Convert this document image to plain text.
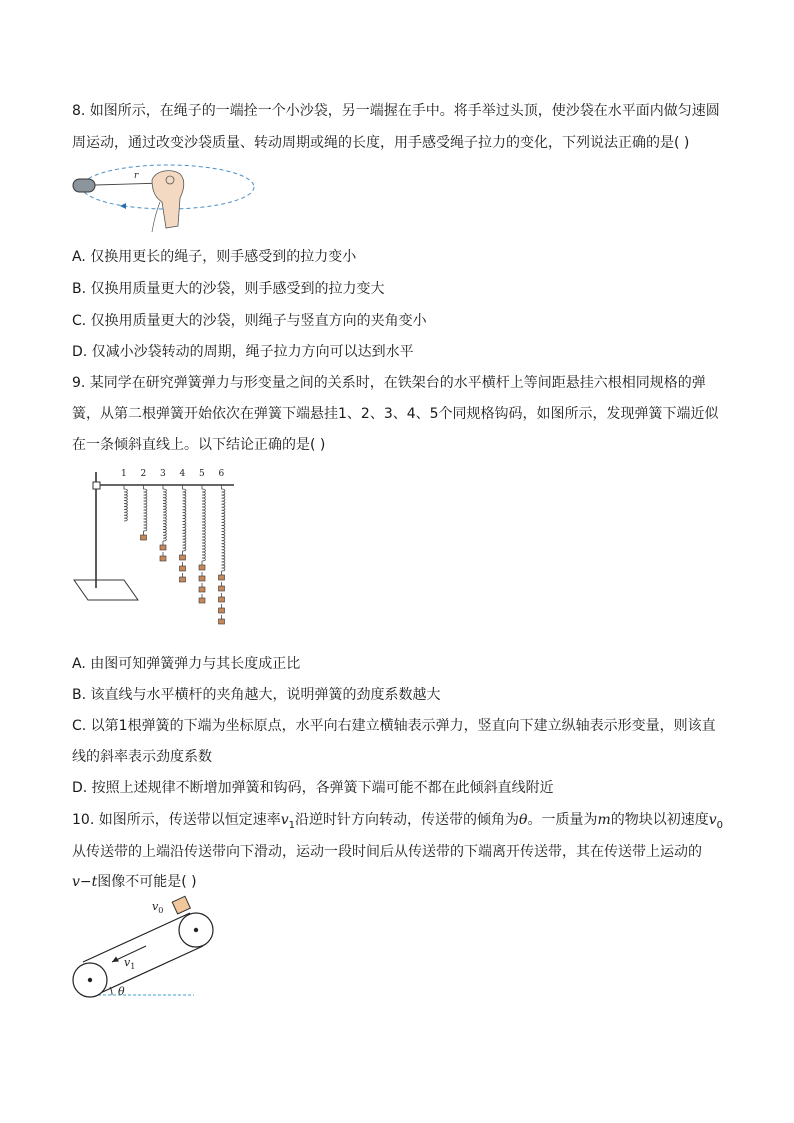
8. 如图所示，在绳子的一端拴一个小沙袋，另一端握在手中。将手举过头顶，使沙袋在水平面内做匀速圆
周运动，通过改变沙袋质量、转动周期或绳的长度，用手感受绳子拉力的变化，下列说法正确的是( )
r
A. 仅换用更长的绳子，则手感受到的拉力变小
B. 仅换用质量更大的沙袋，则手感受到的拉力变大
C. 仅换用质量更大的沙袋，则绳子与竖直方向的夹角变小
D. 仅减小沙袋转动的周期，绳子拉力方向可以达到水平
9. 某同学在研究弹簧弹力与形变量之间的关系时，在铁架台的水平横杆上等间距悬挂六根相同规格的弹
簧，从第二根弹簧开始依次在弹簧下端悬挂1、2、3、4、5个同规格钩码，如图所示，发现弹簧下端近似
在一条倾斜直线上。以下结论正确的是( )
1 2 3 4 5 6
A. 由图可知弹簧弹力与其长度成正比
B. 该直线与水平横杆的夹角越大，说明弹簧的劲度系数越大
C. 以第1根弹簧的下端为坐标原点，水平向右建立横轴表示弹力，竖直向下建立纵轴表示形变量，则该直
线的斜率表示劲度系数
D. 按照上述规律不断增加弹簧和钩码，各弹簧下端可能不都在此倾斜直线附近
10. 如图所示，传送带以恒定速率$v_1$沿逆时针方向转动，传送带的倾角为θ。一质量为m的物块以初速度$v_0$
从传送带的上端沿传送带向下滑动，运动一段时间后从传送带的下端离开传送带，其在传送带上运动的
v−t图像不可能是( )
$v_0$
$v_1$
θ
